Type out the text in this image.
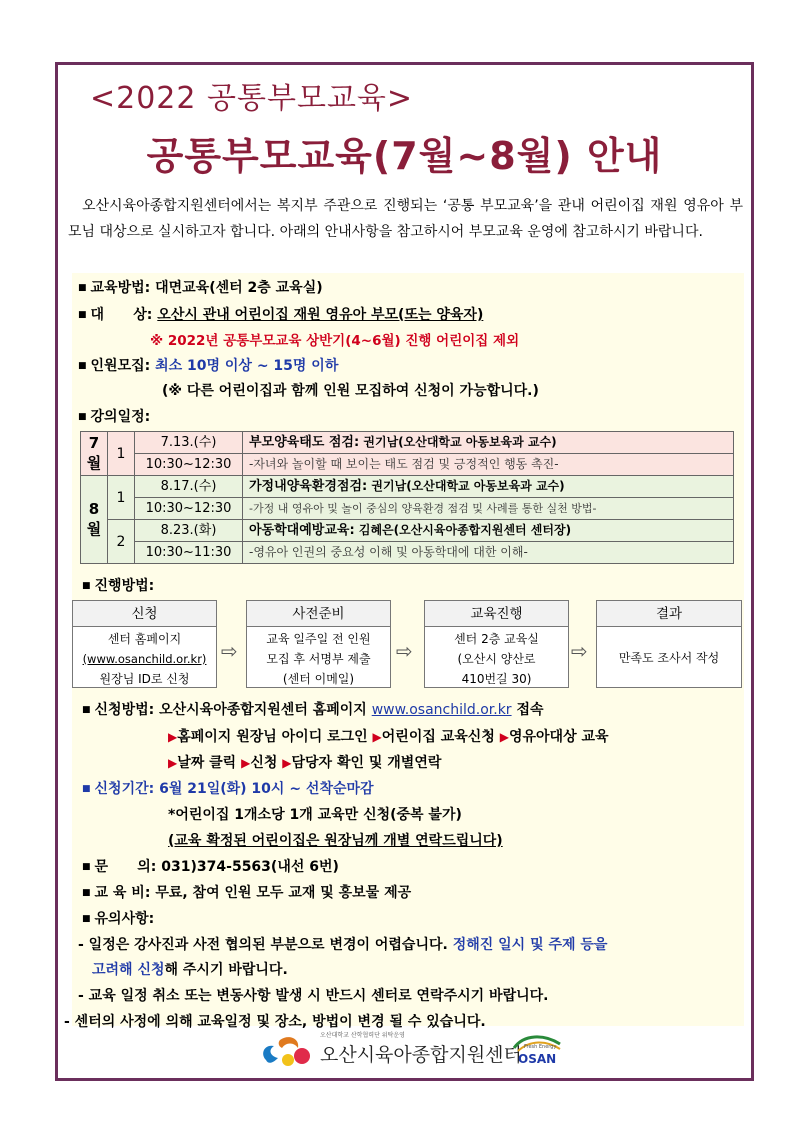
<2022 공통부모교육>
공통부모교육(7월~8월) 안내
오산시육아종합지원센터에서는 복지부 주관으로 진행되는 ‘공통 부모교육’을 관내 어린이집 재원 영유아 부모님 대상으로 실시하고자 합니다. 아래의 안내사항을 참고하시어 부모교육 운영에 참고하시기 바랍니다.
■ 교육방법: 대면교육(센터 2층 교육실)
■ 대      상: 오산시 관내 어린이집 재원 영유아 부모(또는 양육자)
※ 2022년 공통부모교육 상반기(4~6월) 진행 어린이집 제외
■ 인원모집: 최소 10명 이상 ~ 15명 이하
(※ 다른 어린이집과 함께 인원 모집하여 신청이 가능합니다.)
■ 강의일정:
7
월	1	7.13.(수)	부모양육태도 점검: 권기남(오산대학교 아동보육과 교수)
		10:30~12:30	-자녀와 놀이할 때 보이는 태도 점검 및 긍정적인 행동 촉진-
8
월	1	8.17.(수)	가정내양육환경점검: 권기남(오산대학교 아동보육과 교수)
		10:30~12:30	-가정 내 영유아 및 놀이 중심의 양육환경 점검 및 사례를 통한 실천 방법-
	2	8.23.(화)	아동학대예방교육: 김혜은(오산시육아종합지원센터 센터장)
		10:30~11:30	-영유아 인권의 중요성 이해 및 아동학대에 대한 이해-
■ 진행방법:
신청
센터 홈페이지
(www.osanchild.or.kr)
원장님 ID로 신청
⇨
사전준비
교육 일주일 전 인원
모집 후 서명부 제출
(센터 이메일)
⇨
교육진행
센터 2층 교육실
(오산시 양산로
410번길 30)
⇨
결과
만족도 조사서 작성
■ 신청방법: 오산시육아종합지원센터 홈페이지 www.osanchild.or.kr 접속
▶홈페이지 원장님 아이디 로그인 ▶어린이집 교육신청 ▶영유아대상 교육
▶날짜 클릭 ▶신청 ▶담당자 확인 및 개별연락
■ 신청기간: 6월 21일(화) 10시 ~ 선착순마감
*어린이집 1개소당 1개 교육만 신청(중복 불가)
(교육 확정된 어린이집은 원장님께 개별 연락드립니다)
■ 문      의: 031)374-5563(내선 6번)
■ 교 육 비: 무료, 참여 인원 모두 교재 및 홍보물 제공
■ 유의사항:
- 일정은 강사진과 사전 협의된 부분으로 변경이 어렵습니다. 정해진 일시 및 주제 등을
고려해 신청해 주시기 바랍니다.
- 교육 일정 취소 또는 변동사항 발생 시 반드시 센터로 연락주시기 바랍니다.
- 센터의 사정에 의해 교육일정 및 장소, 방법이 변경 될 수 있습니다.
오산대학교 산학협력단 위탁운영
오산시육아종합지원센터 Fresh Energy
OSAN
